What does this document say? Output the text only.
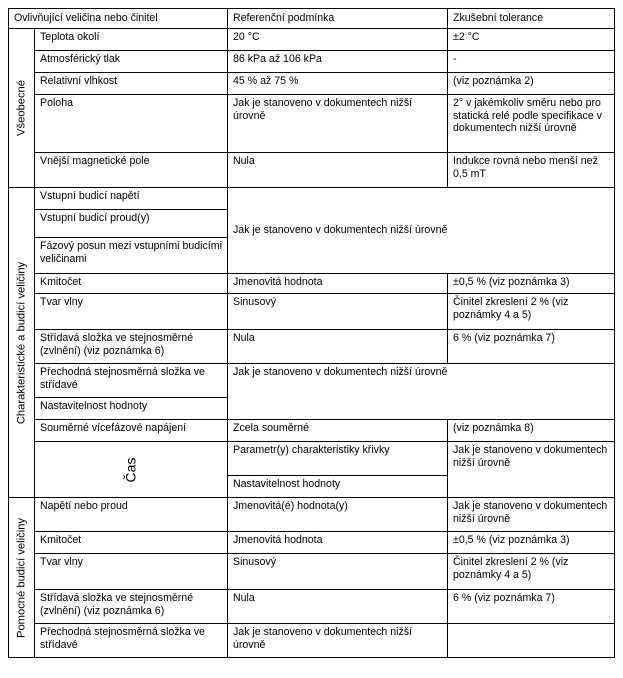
Ovlivňující veličina nebo činitel		Referenční podmínka	Zkušební tolerance

Všeobecné	Teplota okolí	20 °C	±2 °C
	Atmosférický tlak	86 kPa až 106 kPa	-
	Relativní vlhkost	45 % až 75 %	(viz poznámka 2)
	Poloha	Jak je stanoveno v dokumentech nižší úrovně	2° v jakémkoliv směru nebo pro statická relé podle specifikace v dokumentech nižší úrovně
	Vnější magnetické pole	Nula	Indukce rovná nebo menší než 0,5 mT

Charakteristické a budicí veličiny	Vstupní budicí napětí	Jak je stanoveno v dokumentech nižší úrovně	
	Vstupní budicí proud(y)		
	Fázový posun mezi vstupními budicími veličinami		
	Kmitočet	Jmenovitá hodnota	±0,5 % (viz poznámka 3)
	Tvar vlny	Sinusový	Činitel zkreslení 2 % (viz poznámky 4 a 5)
	Střídavá složka ve stejnosměrné (zvlnění) (viz poznámka 6)	Nula	6 % (viz poznámka 7)
	Přechodná stejnosměrná složka ve střídavé	Jak je stanoveno v dokumentech nižší úrovně	
	Nastavitelnost hodnoty		
	Souměrné vícefázové napájení	Zcela souměrné	(viz poznámka 8)

	Čas	Parametr(y) charakteristiky křivky	Jak je stanoveno v dokumentech nižší úrovně
		Nastavitelnost hodnoty	

Pomocné budicí veličiny	Napětí nebo proud	Jmenovitá(é) hodnota(y)	Jak je stanoveno v dokumentech nižší úrovně
	Kmitočet	Jmenovitá hodnota	±0,5 % (viz poznámka 3)
	Tvar vlny	Sinusový	Činitel zkreslení 2 % (viz poznámky 4 a 5)
	Střídavá složka ve stejnosměrné (zvlnění) (viz poznámka 6)	Nula	6 % (viz poznámka 7)
	Přechodná stejnosměrná složka ve střídavé	Jak je stanoveno v dokumentech nižší úrovně	
